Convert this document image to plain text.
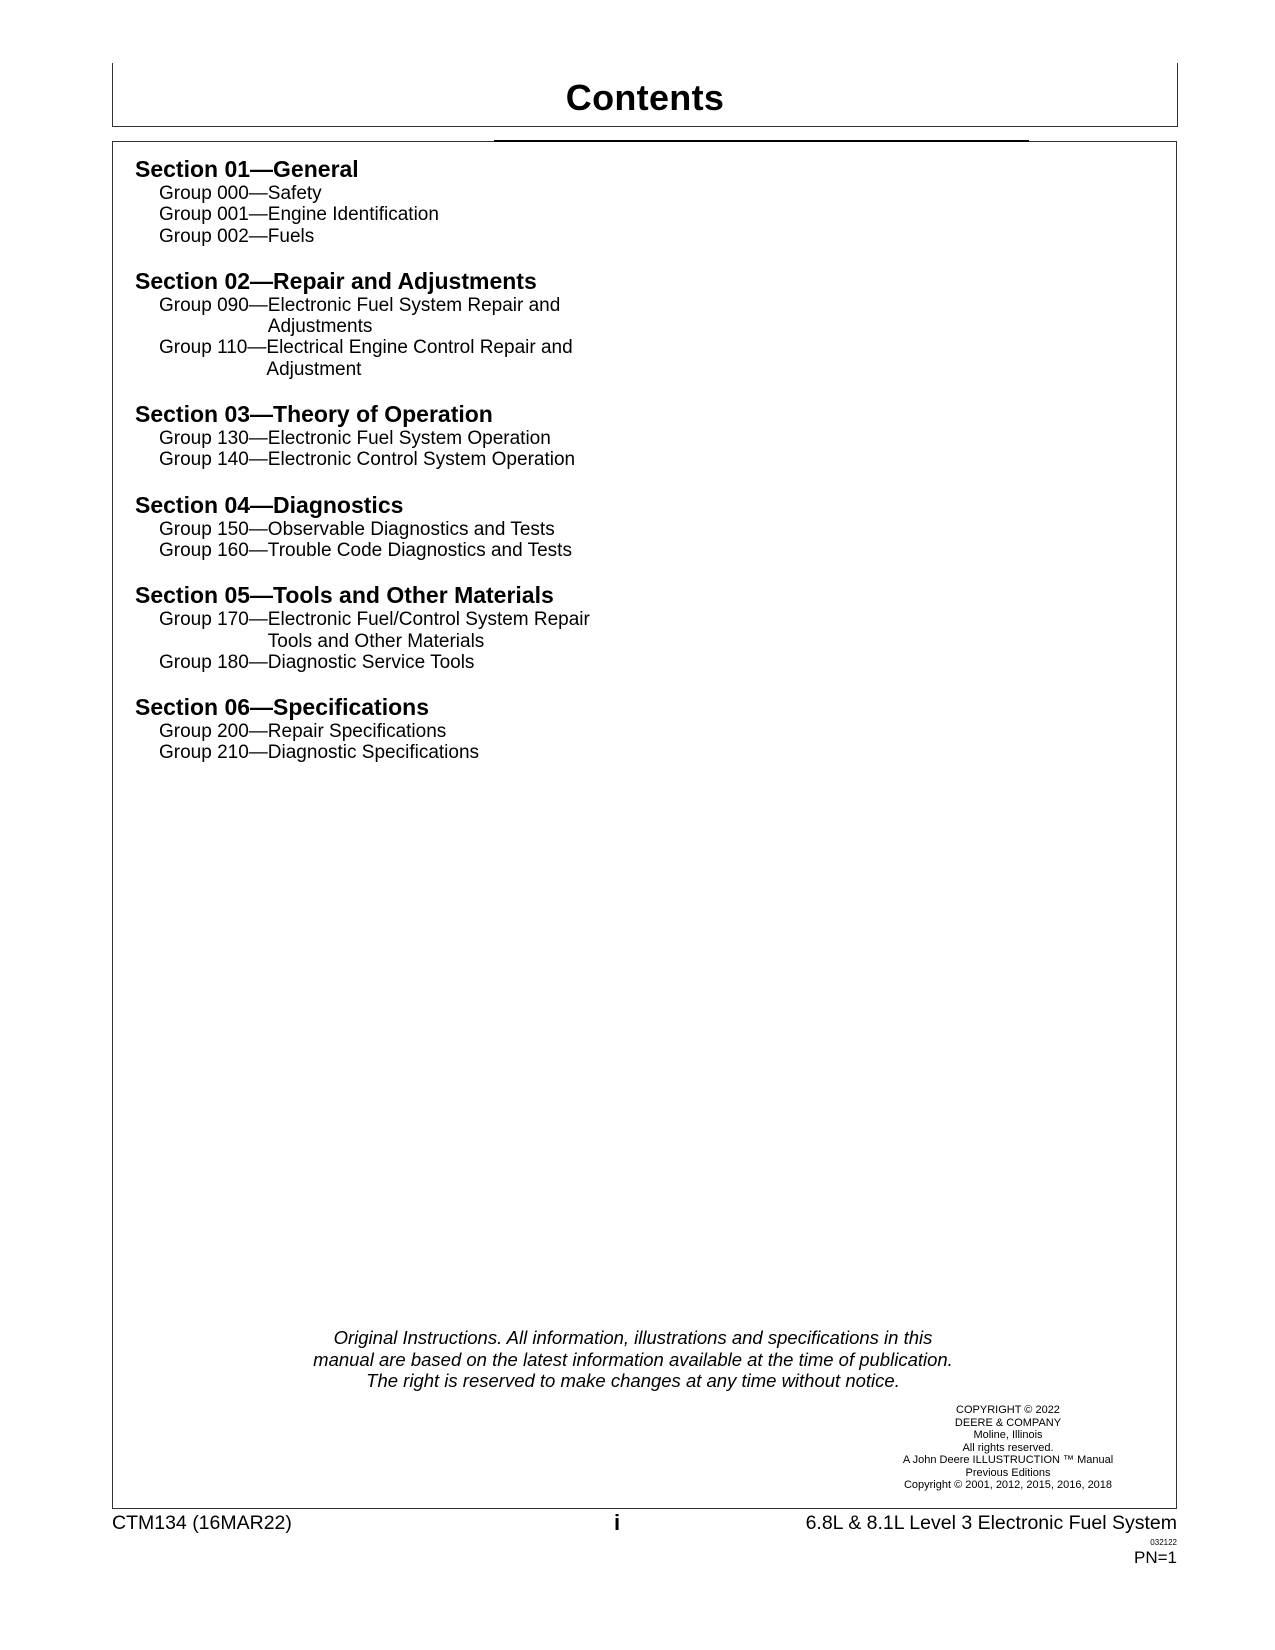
Contents
Section 01—General
Group 000— Safety
Group 001— Engine Identification
Group 002— Fuels
Section 02—Repair and Adjustments
Group 090— Electronic Fuel System Repair and Adjustments
Group 110— Electrical Engine Control Repair and Adjustment
Section 03—Theory of Operation
Group 130— Electronic Fuel System Operation
Group 140— Electronic Control System Operation
Section 04—Diagnostics
Group 150— Observable Diagnostics and Tests
Group 160— Trouble Code Diagnostics and Tests
Section 05—Tools and Other Materials
Group 170— Electronic Fuel/Control System Repair Tools and Other Materials
Group 180— Diagnostic Service Tools
Section 06—Specifications
Group 200— Repair Specifications
Group 210— Diagnostic Specifications
Original Instructions. All information, illustrations and specifications in this
manual are based on the latest information available at the time of publication.
The right is reserved to make changes at any time without notice.
COPYRIGHT © 2022
DEERE & COMPANY
Moline, Illinois
All rights reserved.
A John Deere ILLUSTRUCTION ™ Manual
Previous Editions
Copyright © 2001, 2012, 2015, 2016, 2018
CTM134 (16MAR22)	i	6.8L & 8.1L Level 3 Electronic Fuel System
032122
PN=1
